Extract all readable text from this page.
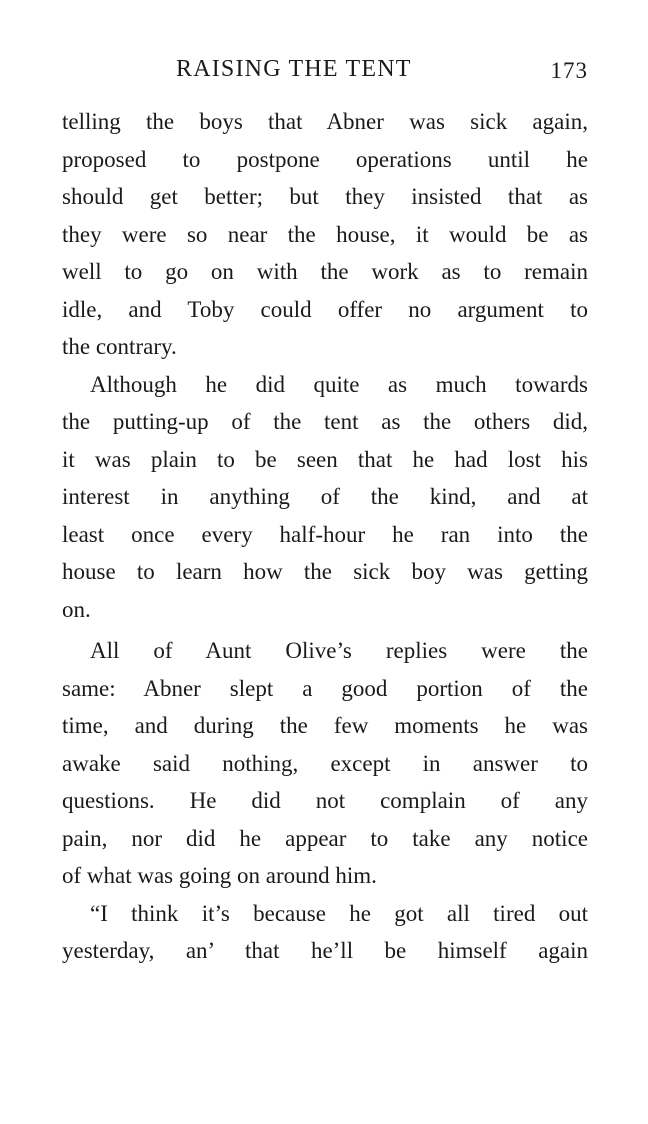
RAISING THE TENT	173
telling the boys that Abner was sick again,
proposed to postpone operations until he
should get better; but they insisted that as
they were so near the house, it would be as
well to go on with the work as to remain
idle, and Toby could offer no argument to
the contrary.
Although he did quite as much towards
the putting-up of the tent as the others did,
it was plain to be seen that he had lost his
interest in anything of the kind, and at
least once every half-hour he ran into the
house to learn how the sick boy was getting
on.
All of Aunt Olive’s replies were the
same: Abner slept a good portion of the
time, and during the few moments he was
awake said nothing, except in answer to
questions. He did not complain of any
pain, nor did he appear to take any notice
of what was going on around him.
“I think it’s because he got all tired out
yesterday, an’ that he’ll be himself again
